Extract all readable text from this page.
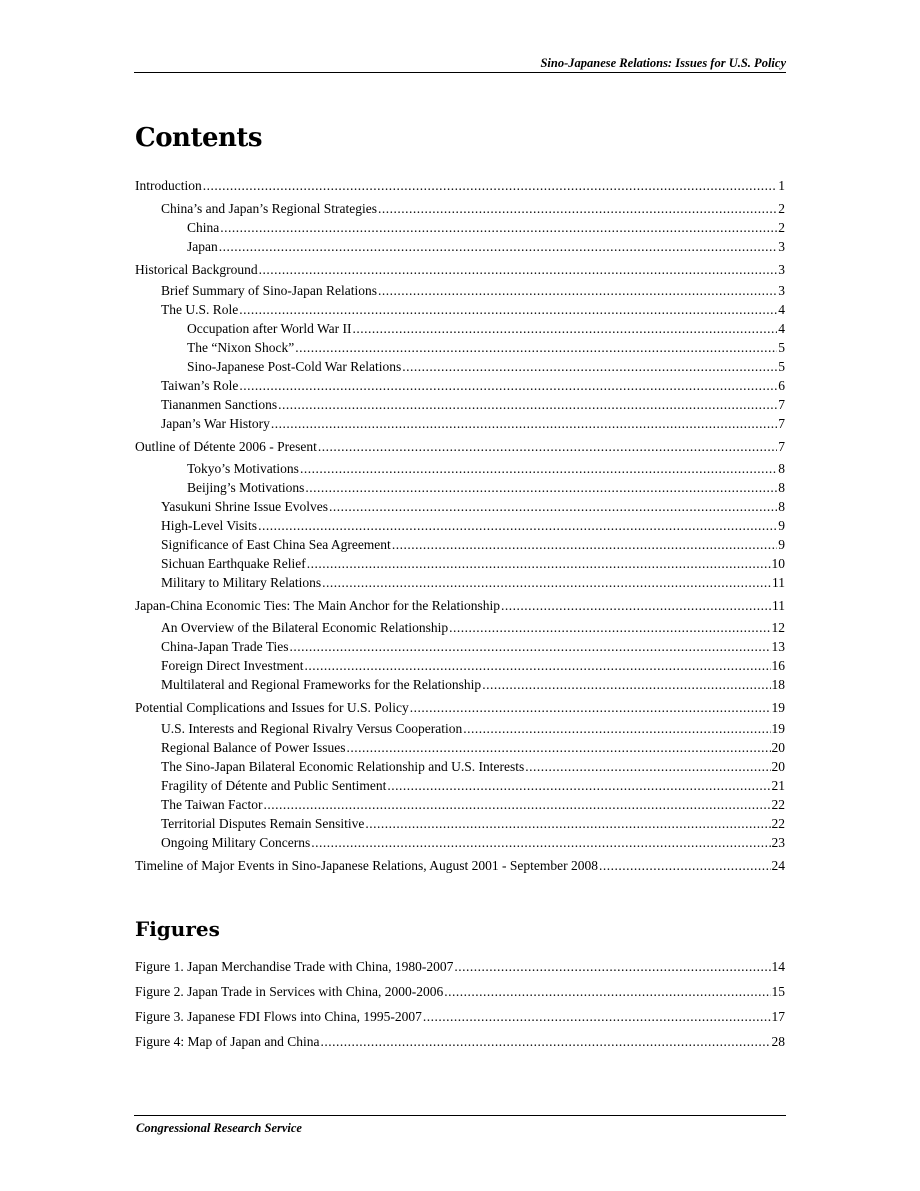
Sino-Japanese Relations: Issues for U.S. Policy
Contents
Introduction .....	1
China’s and Japan’s Regional Strategies .....	2
China .....	2
Japan .....	3
Historical Background .....	3
Brief Summary of Sino-Japan Relations .....	3
The U.S. Role .....	4
Occupation after World War II .....	4
The “Nixon Shock” .....	5
Sino-Japanese Post-Cold War Relations .....	5
Taiwan’s Role .....	6
Tiananmen Sanctions .....	7
Japan’s War History .....	7
Outline of Détente 2006 - Present .....	7
Tokyo’s Motivations .....	8
Beijing’s Motivations .....	8
Yasukuni Shrine Issue Evolves .....	8
High-Level Visits .....	9
Significance of East China Sea Agreement .....	9
Sichuan Earthquake Relief .....	10
Military to Military Relations .....	11
Japan-China Economic Ties: The Main Anchor for the Relationship .....	11
An Overview of the Bilateral Economic Relationship .....	12
China-Japan Trade Ties .....	13
Foreign Direct Investment .....	16
Multilateral and Regional Frameworks for the Relationship .....	18
Potential Complications and Issues for U.S. Policy .....	19
U.S. Interests and Regional Rivalry Versus Cooperation .....	19
Regional Balance of Power Issues .....	20
The Sino-Japan Bilateral Economic Relationship and U.S. Interests .....	20
Fragility of Détente and Public Sentiment .....	21
The Taiwan Factor .....	22
Territorial Disputes Remain Sensitive .....	22
Ongoing Military Concerns .....	23
Timeline of Major Events in Sino-Japanese Relations, August 2001 - September 2008 .....	24
Figure 1. Japan Merchandise Trade with China, 1980-2007 .....	14
Figure 2. Japan Trade in Services with China, 2000-2006 .....	15
Figure 3. Japanese FDI Flows into China, 1995-2007 .....	17
Figure 4: Map of Japan and China .....	28
Figures
Congressional Research Service
